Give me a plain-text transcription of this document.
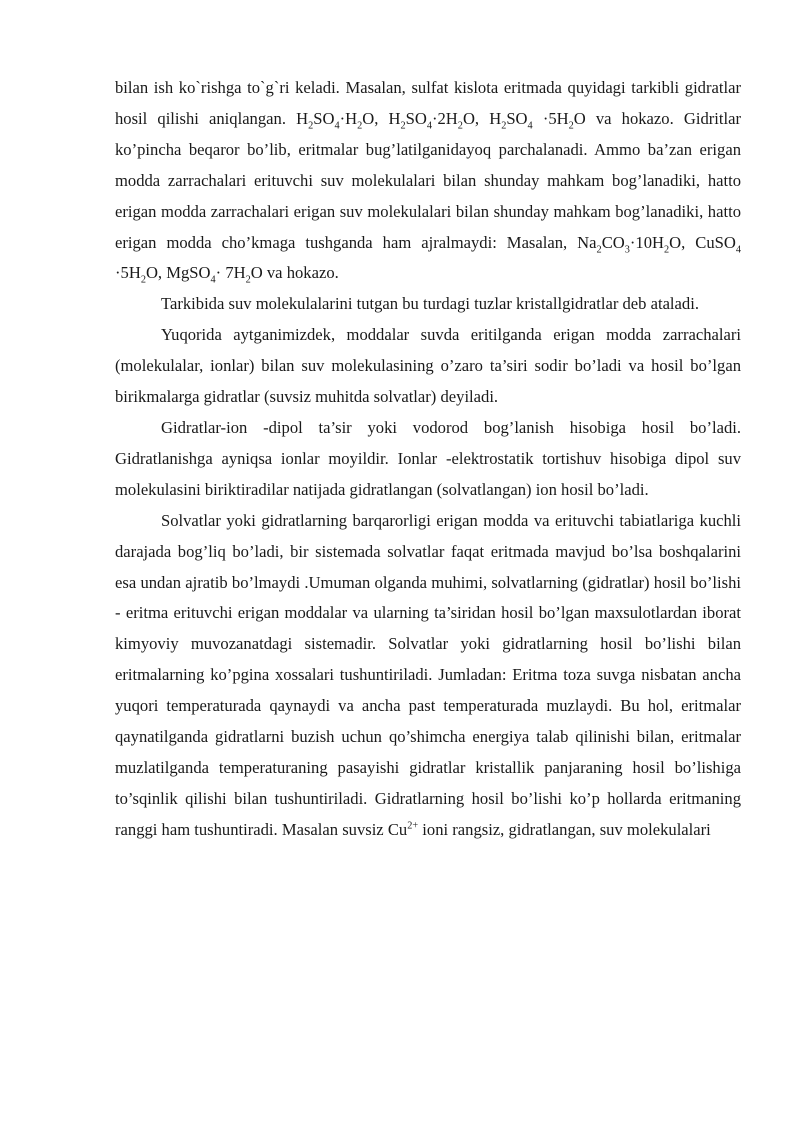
bilan ish ko`rishga to`g`ri keladi. Masalan, sulfat kislota eritmada quyidagi tarkibli gidratlar hosil qilishi aniqlangan. $H_2SO_4\cdot H_2O$, $H_2SO_4\cdot 2H_2O$, $H_2SO_4 \cdot 5H_2O$ va hokazo. Gidritlar ko’pincha beqaror bo’lib, eritmalar bug’latilganidayoq parchalanadi. Ammo ba’zan erigan modda zarrachalari erituvchi suv molekulalari bilan shunday mahkam bog’lanadiki, hatto erigan modda zarrachalari erigan suv molekulalari bilan shunday mahkam bog’lanadiki, hatto erigan modda cho’kmaga tushganda ham ajralmaydi: Masalan, $Na_2CO_3\cdot 10H_2O$, CuSO$_4$ $\cdot 5H_2O$, MgSO$_4$· $7H_2O$ va hokazo.

Tarkibida suv molekulalarini tutgan bu turdagi tuzlar kristallgidratlar deb ataladi.

Yuqorida aytganimizdek, moddalar suvda eritilganda erigan modda zarrachalari (molekulalar, ionlar) bilan suv molekulasining o’zaro ta’siri sodir bo’ladi va hosil bo’lgan birikmalarga gidratlar (suvsiz muhitda solvatlar) deyiladi.

Gidratlar-ion -dipol ta’sir yoki vodorod bog’lanish hisobiga hosil bo’ladi. Gidratlanishga ayniqsa ionlar moyildir. Ionlar -elektrostatik tortishuv hisobiga dipol suv molekulasini biriktiradilar natijada gidratlangan (solvatlangan) ion hosil bo’ladi.

Solvatlar yoki gidratlarning barqarorligi erigan modda va erituvchi tabiatlariga kuchli darajada bog’liq bo’ladi, bir sistemada solvatlar faqat eritmada mavjud bo’lsa boshqalarini esa undan ajratib bo’lmaydi .Umuman olganda muhimi, solvatlarning (gidratlar) hosil bo’lishi - eritma erituvchi erigan moddalar va ularning ta’siridan hosil bo’lgan maxsulotlardan iborat kimyoviy muvozanatdagi sistemadir. Solvatlar yoki gidratlarning hosil bo’lishi bilan eritmalarning ko’pgina xossalari tushuntiriladi. Jumladan: Eritma toza suvga nisbatan ancha yuqori temperaturada qaynaydi va ancha past temperaturada muzlaydi. Bu hol, eritmalar qaynatilganda gidratlarni buzish uchun qo’shimcha energiya talab qilinishi bilan, eritmalar muzlatilganda temperaturaning pasayishi gidratlar kristallik panjaraning hosil bo’lishiga to’sqinlik qilishi bilan tushuntiriladi. Gidratlarning hosil bo’lishi ko’p hollarda eritmaning ranggi ham tushuntiradi. Masalan suvsiz $Cu^{2+}$ ioni rangsiz, gidratlangan, suv molekulalari
